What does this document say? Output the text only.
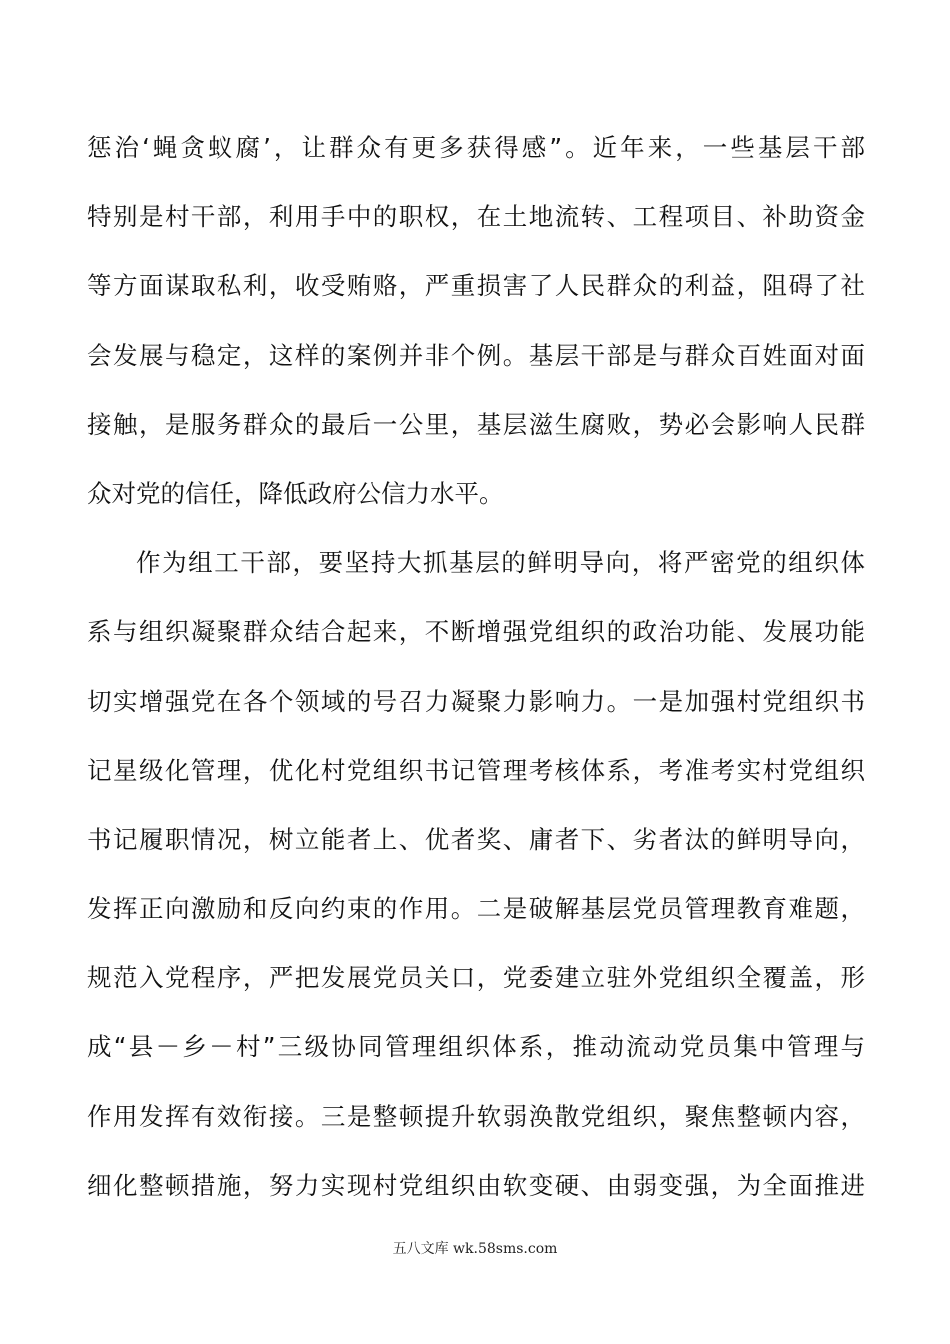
惩治‘蝇贪蚁腐’，让群众有更多获得感”。近年来，一些基层干部
特别是村干部，利用手中的职权，在土地流转、工程项目、补助资金
等方面谋取私利，收受贿赂，严重损害了人民群众的利益，阻碍了社
会发展与稳定，这样的案例并非个例。基层干部是与群众百姓面对面
接触，是服务群众的最后一公里，基层滋生腐败，势必会影响人民群
众对党的信任，降低政府公信力水平。
作为组工干部，要坚持大抓基层的鲜明导向，将严密党的组织体
系与组织凝聚群众结合起来，不断增强党组织的政治功能、发展功能
切实增强党在各个领域的号召力凝聚力影响力。一是加强村党组织书
记星级化管理，优化村党组织书记管理考核体系，考准考实村党组织
书记履职情况，树立能者上、优者奖、庸者下、劣者汰的鲜明导向，
发挥正向激励和反向约束的作用。二是破解基层党员管理教育难题，
规范入党程序，严把发展党员关口，党委建立驻外党组织全覆盖，形
成“县－乡－村”三级协同管理组织体系，推动流动党员集中管理与
作用发挥有效衔接。三是整顿提升软弱涣散党组织，聚焦整顿内容，
细化整顿措施，努力实现村党组织由软变硬、由弱变强，为全面推进
五八文库 wk.58sms.com
